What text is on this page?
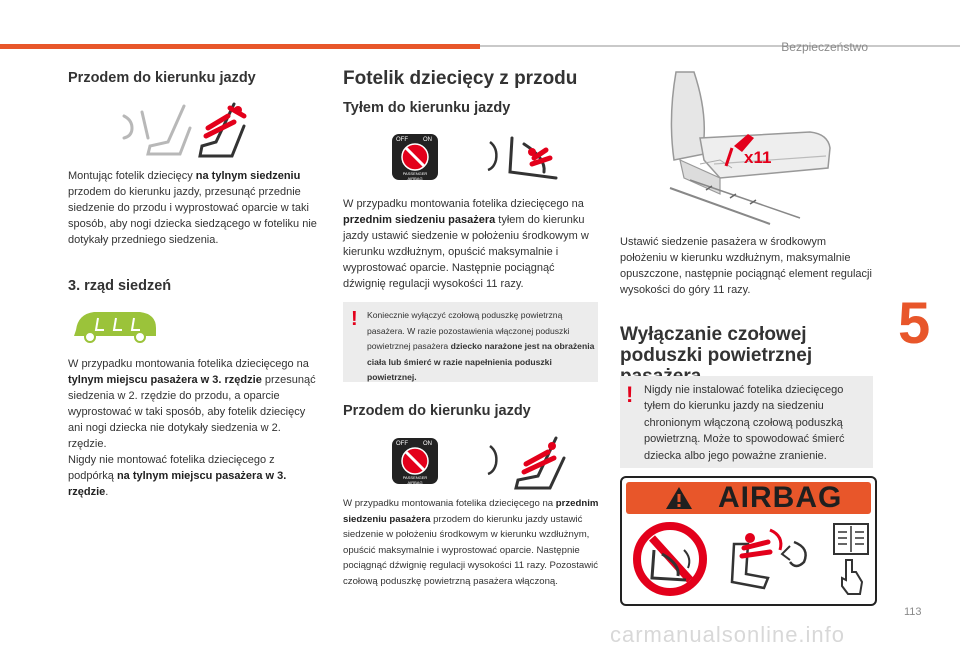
Bezpieczeństwo
5
113
carmanualsonline.info
Przodem do kierunku jazdy
Montując fotelik dziecięcy na tylnym siedzeniu przodem do kierunku jazdy, przesunąć przednie siedzenie do przodu i wyprostować oparcie w taki sposób, aby nogi dziecka siedzącego w foteliku nie dotykały przedniego siedzenia.
3. rząd siedzeń
W przypadku montowania fotelika dziecięcego na tylnym miejscu pasażera w 3. rzędzie przesunąć siedzenia w 2. rzędzie do przodu, a oparcie wyprostować w taki sposób, aby fotelik dziecięcy ani nogi dziecka nie dotykały siedzenia w 2. rzędzie.
Nigdy nie montować fotelika dziecięcego z podpórką na tylnym miejscu pasażera w 3. rzędzie.
Fotelik dziecięcy z przodu
Tyłem do kierunku jazdy
OFF	ON
PASSENGER AIRBAG
W przypadku montowania fotelika dziecięcego na przednim siedzeniu pasażera tyłem do kierunku jazdy ustawić siedzenie w położeniu środkowym w kierunku wzdłużnym, opuścić maksymalnie i wyprostować oparcie. Następnie pociągnąć dźwignię regulacji wysokości 11 razy.
! Koniecznie wyłączyć czołową poduszkę powietrzną pasażera. W razie pozostawienia włączonej poduszki powietrznej pasażera dziecko narażone jest na obrażenia ciała lub śmierć w razie napełnienia poduszki powietrznej.
Przodem do kierunku jazdy
OFF	ON
PASSENGER AIRBAG
W przypadku montowania fotelika dziecięcego na przednim siedzeniu pasażera przodem do kierunku jazdy ustawić siedzenie w położeniu środkowym w kierunku wzdłużnym, opuścić maksymalnie i wyprostować oparcie. Następnie pociągnąć dźwignię regulacji wysokości 11 razy. Pozostawić czołową poduszkę powietrzną pasażera włączoną.
x11
Ustawić siedzenie pasażera w środkowym położeniu w kierunku wzdłużnym, maksymalnie opuszczone, następnie pociągnąć element regulacji wysokości do góry 11 razy.
Wyłączanie czołowej poduszki powietrznej
! Nigdy nie instalować fotelika dziecięcego tyłem do kierunku jazdy na siedzeniu chronionym włączoną czołową poduszką powietrzną. Może to spowodować śmierć dziecka albo jego poważne zranienie.
AIRBAG
